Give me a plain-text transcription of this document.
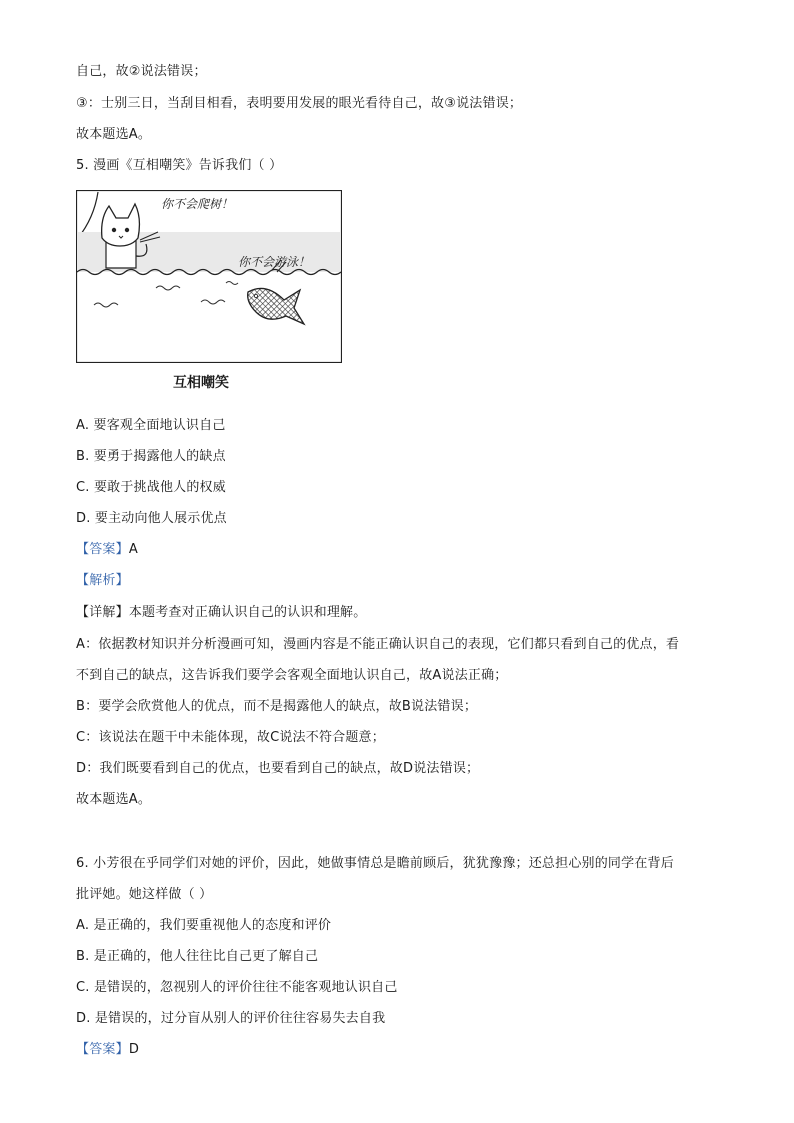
自己，故②说法错误；
③：士别三日，当刮目相看，表明要用发展的眼光看待自己，故③说法错误；
故本题选A。
5. 漫画《互相嘲笑》告诉我们（ ）
你不会爬树！
你不会游泳！
互相嘲笑
A. 要客观全面地认识自己
B. 要勇于揭露他人的缺点
C. 要敢于挑战他人的权威
D. 要主动向他人展示优点
【答案】A
【解析】
【详解】本题考查对正确认识自己的认识和理解。
A：依据教材知识并分析漫画可知，漫画内容是不能正确认识自己的表现，它们都只看到自己的优点，看
不到自己的缺点，这告诉我们要学会客观全面地认识自己，故A说法正确；
B：要学会欣赏他人的优点，而不是揭露他人的缺点，故B说法错误；
C：该说法在题干中未能体现，故C说法不符合题意；
D：我们既要看到自己的优点，也要看到自己的缺点，故D说法错误；
故本题选A。
6. 小芳很在乎同学们对她的评价，因此，她做事情总是瞻前顾后，犹犹豫豫；还总担心别的同学在背后
批评她。她这样做（ ）
A. 是正确的，我们要重视他人的态度和评价
B. 是正确的，他人往往比自己更了解自己
C. 是错误的，忽视别人的评价往往不能客观地认识自己
D. 是错误的，过分盲从别人的评价往往容易失去自我
【答案】D
